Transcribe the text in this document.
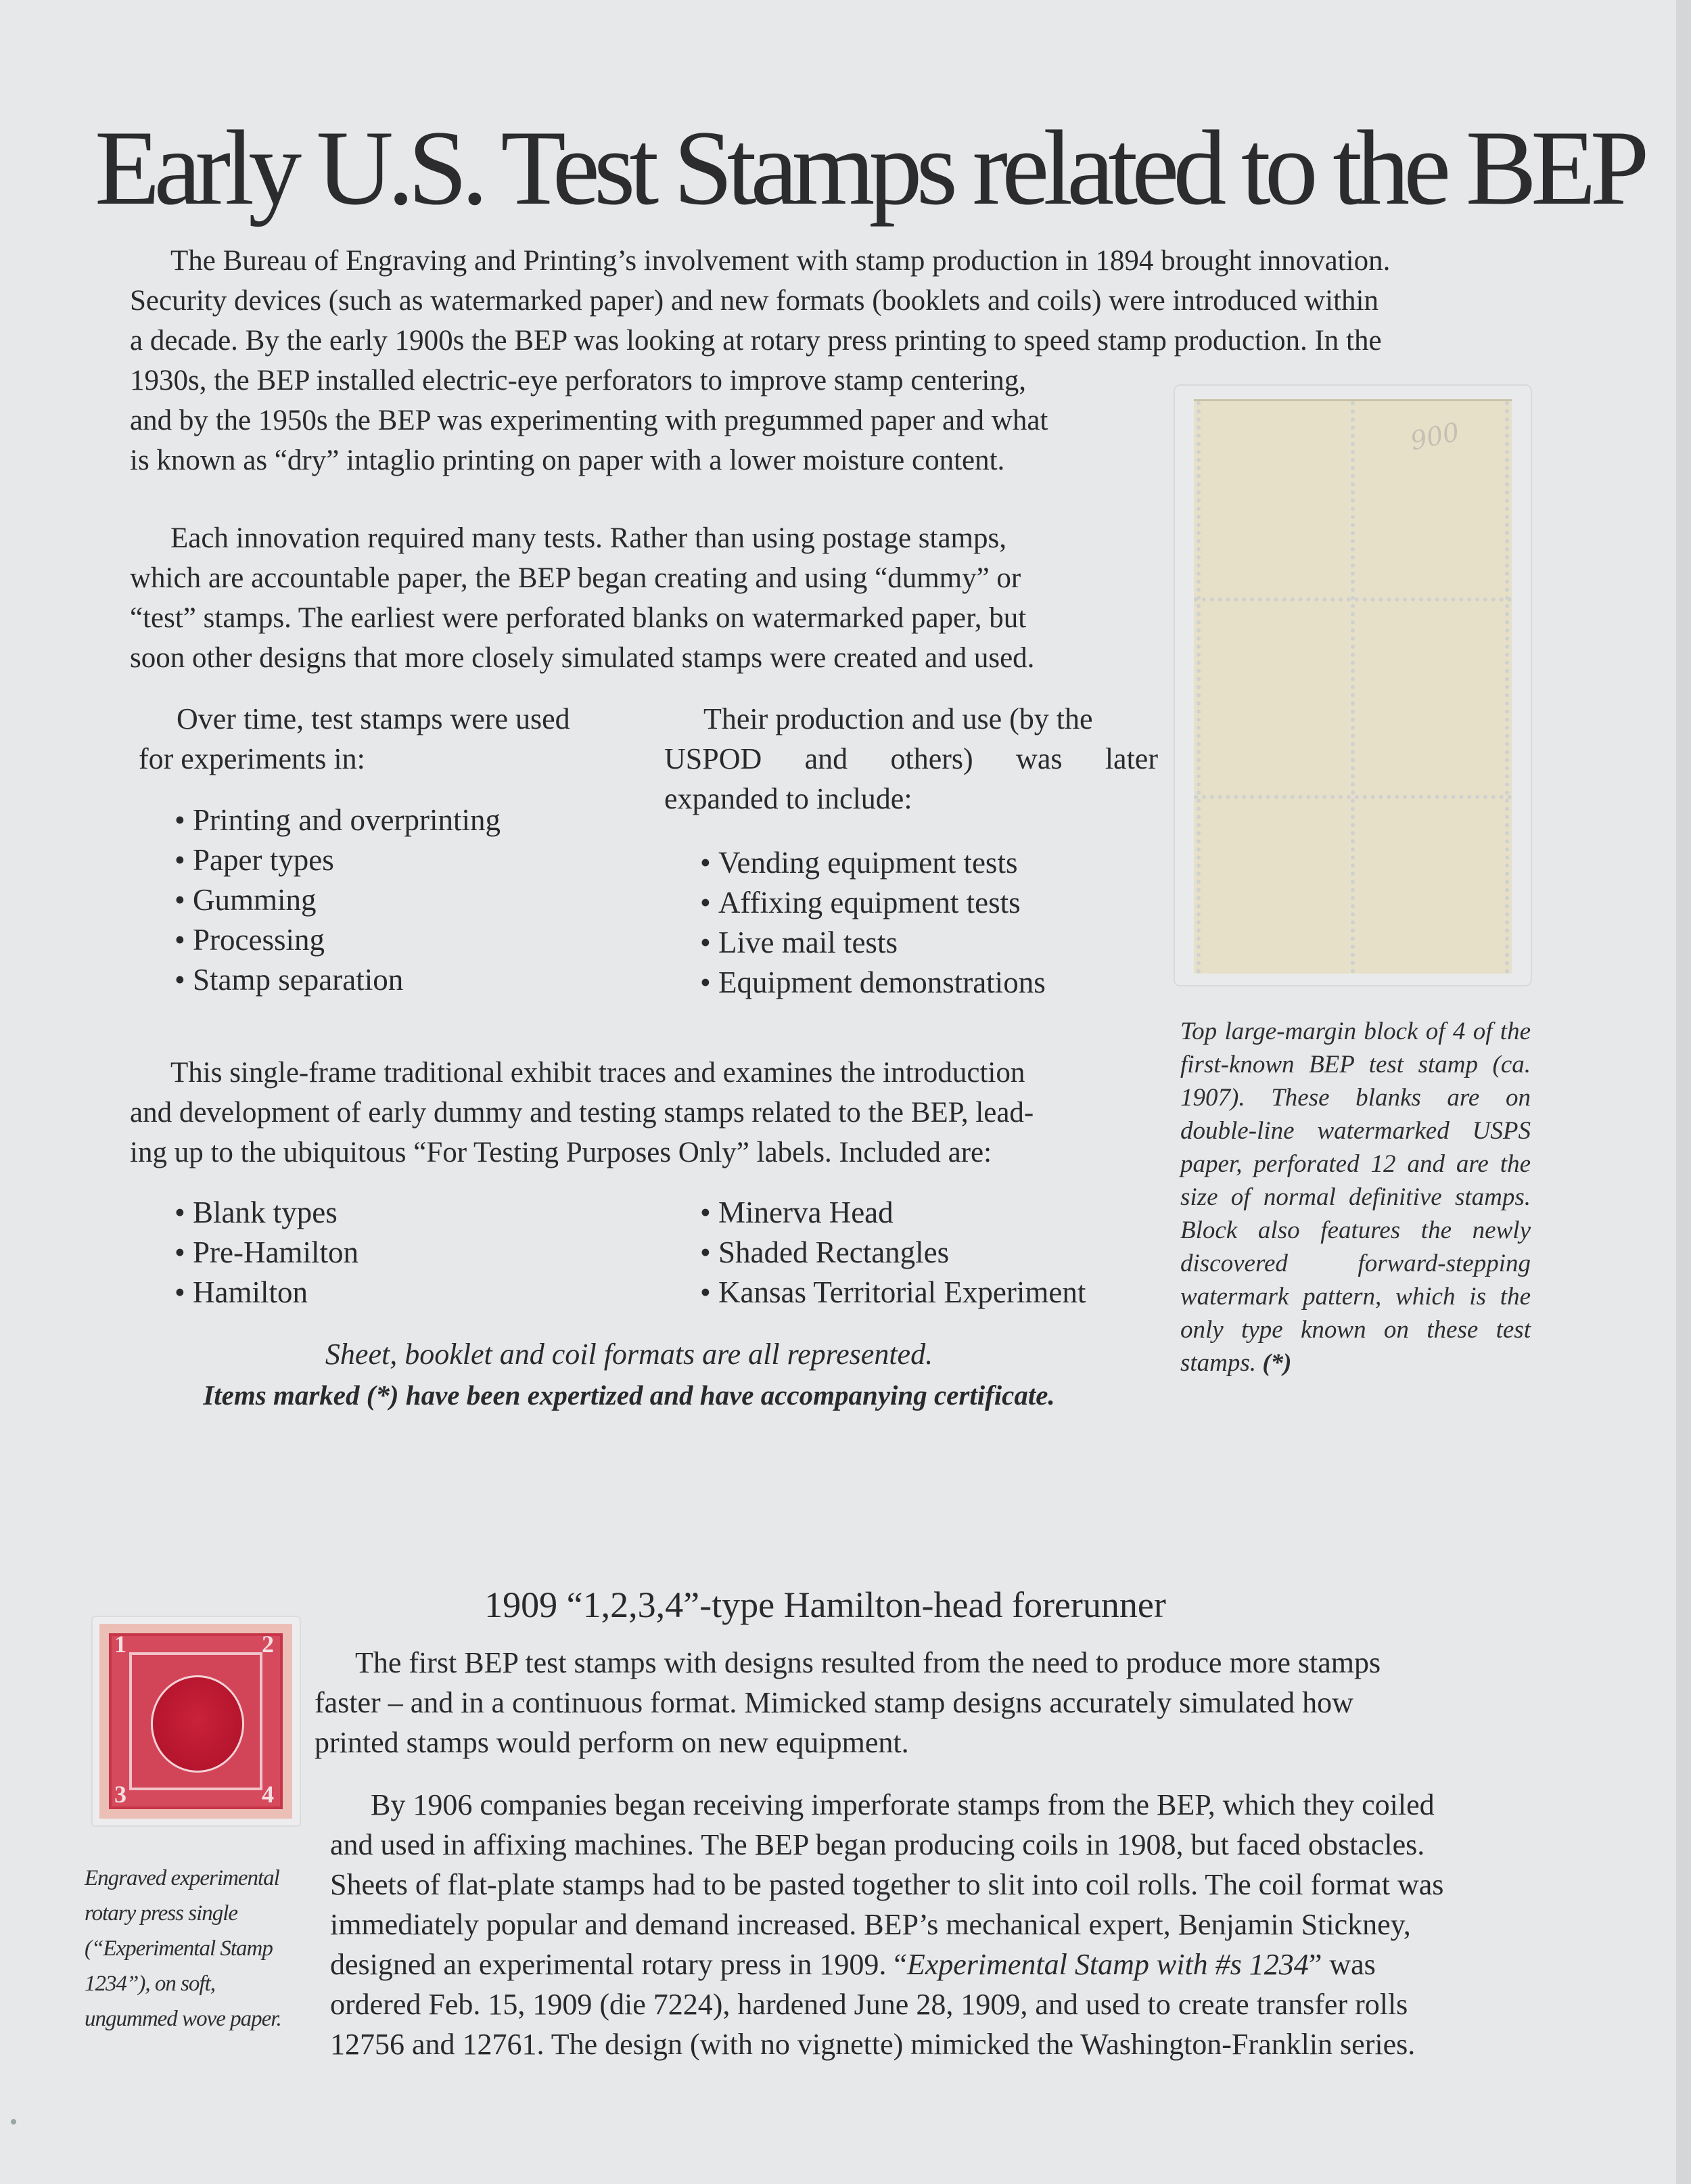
Early U.S. Test Stamps related to the BEP

The Bureau of Engraving and Printing’s involvement with stamp production in 1894 brought innovation.
Security devices (such as watermarked paper) and new formats (booklets and coils) were introduced within
a decade. By the early 1900s the BEP was looking at rotary press printing to speed stamp production. In the

1930s, the BEP installed electric-eye perforators to improve stamp centering,
and by the 1950s the BEP was experimenting with pregummed paper and what
is known as “dry” intaglio printing on paper with a lower moisture content.

Each innovation required many tests. Rather than using postage stamps,
which are accountable paper, the BEP began creating and using “dummy” or
“test” stamps. The earliest were perforated blanks on watermarked paper, but
soon other designs that more closely simulated stamps were created and used.

Over time, test stamps were used
for experiments in:

• Printing and overprinting
• Paper types
• Gumming
• Processing
• Stamp separation

Their production and use (by the
USPOD and others) was later
expanded to include:

• Vending equipment tests
• Affixing equipment tests
• Live mail tests
• Equipment demonstrations
900

Top large-margin block of 4 of the first-known BEP test stamp (ca. 1907). These blanks are on double-line watermarked USPS paper, perforated 12 and are the size of normal definitive stamps. Block also features the newly discovered forward-stepping watermark pattern, which is the only type known on these test stamps. (*)

This single-frame traditional exhibit traces and examines the introduction
and development of early dummy and testing stamps related to the BEP, lead-
ing up to the ubiquitous “For Testing Purposes Only” labels. Included are:

• Blank types
• Pre-Hamilton
• Hamilton
• Minerva Head
• Shaded Rectangles
• Kansas Territorial Experiment

Sheet, booklet and coil formats are all represented.

Items marked (*) have been expertized and have accompanying certificate.

1909 “1,2,3,4”-type Hamilton-head forerunner

The first BEP test stamps with designs resulted from the need to produce more stamps
faster – and in a continuous format. Mimicked stamp designs accurately simulated how
printed stamps would perform on new equipment.

By 1906 companies began receiving imperforate stamps from the BEP, which they coiled
and used in affixing machines. The BEP began producing coils in 1908, but faced obstacles.
Sheets of flat-plate stamps had to be pasted together to slit into coil rolls. The coil format was
immediately popular and demand increased. BEP’s mechanical expert, Benjamin Stickney,
designed an experimental rotary press in 1909. “Experimental Stamp with #s 1234” was
ordered Feb. 15, 1909 (die 7224), hardened June 28, 1909, and used to create transfer rolls
12756 and 12761. The design (with no vignette) mimicked the Washington-Franklin series.

1	2
3	4

Engraved experimental rotary press single (“Experimental Stamp 1234”), on soft, ungummed wove paper.
